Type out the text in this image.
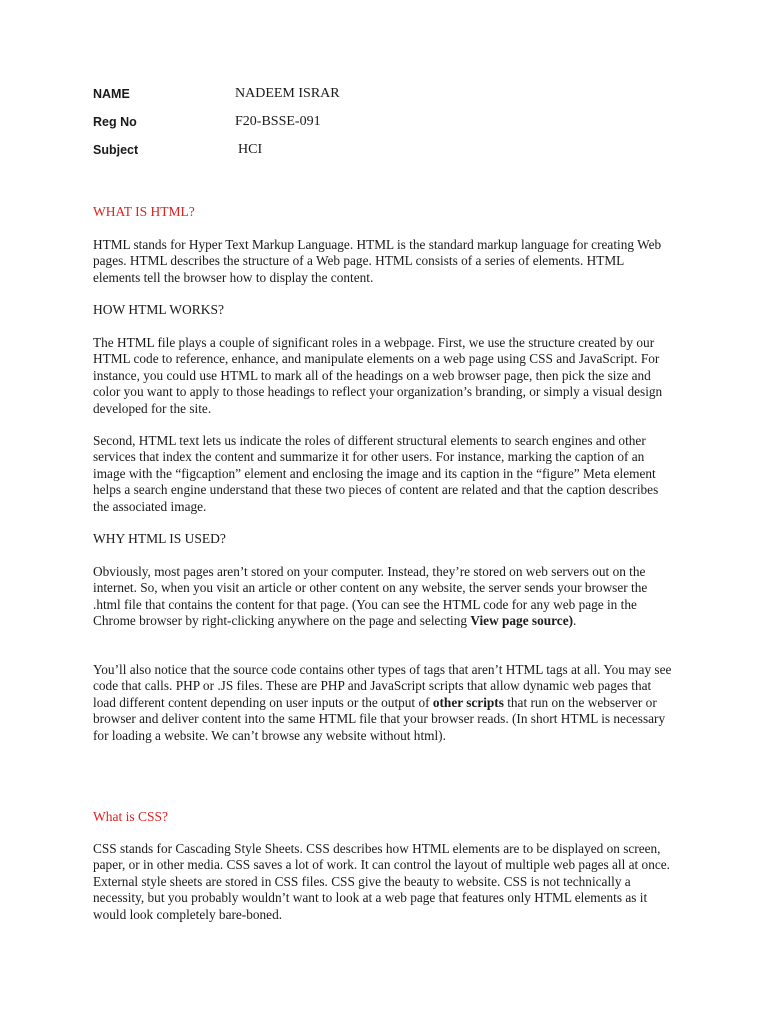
NAME	NADEEM ISRAR
Reg No	F20-BSSE-091
Subject	HCI
WHAT IS HTML?

HTML stands for Hyper Text Markup Language. HTML is the standard markup language for creating Web pages. HTML describes the structure of a Web page. HTML consists of a series of elements. HTML elements tell the browser how to display the content.

HOW HTML WORKS?

The HTML file plays a couple of significant roles in a webpage. First, we use the structure created by our HTML code to reference, enhance, and manipulate elements on a web page using CSS and JavaScript. For instance, you could use HTML to mark all of the headings on a web browser page, then pick the size and color you want to apply to those headings to reflect your organization’s branding, or simply a visual design developed for the site.

Second, HTML text lets us indicate the roles of different structural elements to search engines and other services that index the content and summarize it for other users. For instance, marking the caption of an image with the “figcaption” element and enclosing the image and its caption in the “figure” Meta element helps a search engine understand that these two pieces of content are related and that the caption describes the associated image.

WHY HTML IS USED?

Obviously, most pages aren’t stored on your computer. Instead, they’re stored on web servers out on the internet. So, when you visit an article or other content on any website, the server sends your browser the .html file that contains the content for that page. (You can see the HTML code for any web page in the Chrome browser by right-clicking anywhere on the page and selecting View page source).

You’ll also notice that the source code contains other types of tags that aren’t HTML tags at all. You may see code that calls. PHP or .JS files. These are PHP and JavaScript scripts that allow dynamic web pages that load different content depending on user inputs or the output of other scripts that run on the webserver or browser and deliver content into the same HTML file that your browser reads. (In short HTML is necessary for loading a website. We can’t browse any website without html).

What is CSS?

CSS stands for Cascading Style Sheets. CSS describes how HTML elements are to be displayed on screen, paper, or in other media. CSS saves a lot of work. It can control the layout of multiple web pages all at once. External style sheets are stored in CSS files. CSS give the beauty to website. CSS is not technically a necessity, but you probably wouldn’t want to look at a web page that features only HTML elements as it would look completely bare-boned.
